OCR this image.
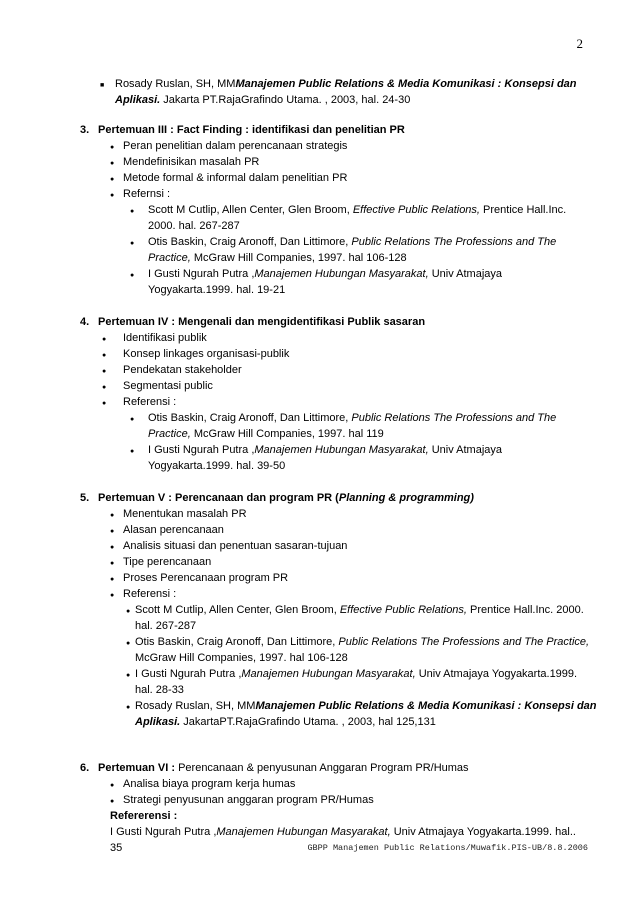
2
■
Rosady Ruslan, SH, MMManajemen Public Relations & Media Komunikasi : Konsepsi dan
Aplikasi. Jakarta PT.RajaGrafindo Utama. , 2003, hal. 24-30
3. Pertemuan III : Fact Finding : identifikasi dan penelitian PR
●
Peran penelitian dalam perencanaan strategis
●
Mendefinisikan masalah PR
●
Metode formal & informal dalam penelitian PR
●
Refernsi :
●
Scott M Cutlip, Allen Center, Glen Broom, Effective Public Relations, Prentice Hall.Inc.
2000. hal. 267-287
●
Otis Baskin, Craig Aronoff, Dan Littimore, Public Relations The Professions and The
Practice, McGraw Hill Companies, 1997. hal 106-128
●
I Gusti Ngurah Putra ,Manajemen Hubungan Masyarakat, Univ Atmajaya
Yogyakarta.1999. hal. 19-21
4. Pertemuan IV : Mengenali dan mengidentifikasi Publik sasaran
●
Identifikasi publik
●
Konsep linkages organisasi-publik
●
Pendekatan stakeholder
●
Segmentasi public
●
Referensi :
●
Otis Baskin, Craig Aronoff, Dan Littimore, Public Relations The Professions and The
Practice, McGraw Hill Companies, 1997. hal 119
●
I Gusti Ngurah Putra ,Manajemen Hubungan Masyarakat, Univ Atmajaya
Yogyakarta.1999. hal. 39-50
5. Pertemuan V : Perencanaan dan program PR (Planning & programming)
●
Menentukan masalah PR
●
Alasan perencanaan
●
Analisis situasi dan penentuan sasaran-tujuan
●
Tipe perencanaan
●
Proses Perencanaan program PR
●
Referensi :
●
Scott M Cutlip, Allen Center, Glen Broom, Effective Public Relations, Prentice Hall.Inc. 2000.
hal. 267-287
●
Otis Baskin, Craig Aronoff, Dan Littimore, Public Relations The Professions and The Practice,
McGraw Hill Companies, 1997. hal 106-128
●
I Gusti Ngurah Putra ,Manajemen Hubungan Masyarakat, Univ Atmajaya Yogyakarta.1999.
hal. 28-33
●
Rosady Ruslan, SH, MMManajemen Public Relations & Media Komunikasi : Konsepsi dan
Aplikasi. JakartaPT.RajaGrafindo Utama. , 2003, hal 125,131
6. Pertemuan VI : Perencanaan & penyusunan Anggaran Program PR/Humas
●
Analisa biaya program kerja humas
●
Strategi penyusunan anggaran program PR/Humas
Refererensi :
I Gusti Ngurah Putra ,Manajemen Hubungan Masyarakat, Univ Atmajaya Yogyakarta.1999. hal..
35	GBPP Manajemen Public Relations/Muwafik.PIS-UB/8.8.2006
